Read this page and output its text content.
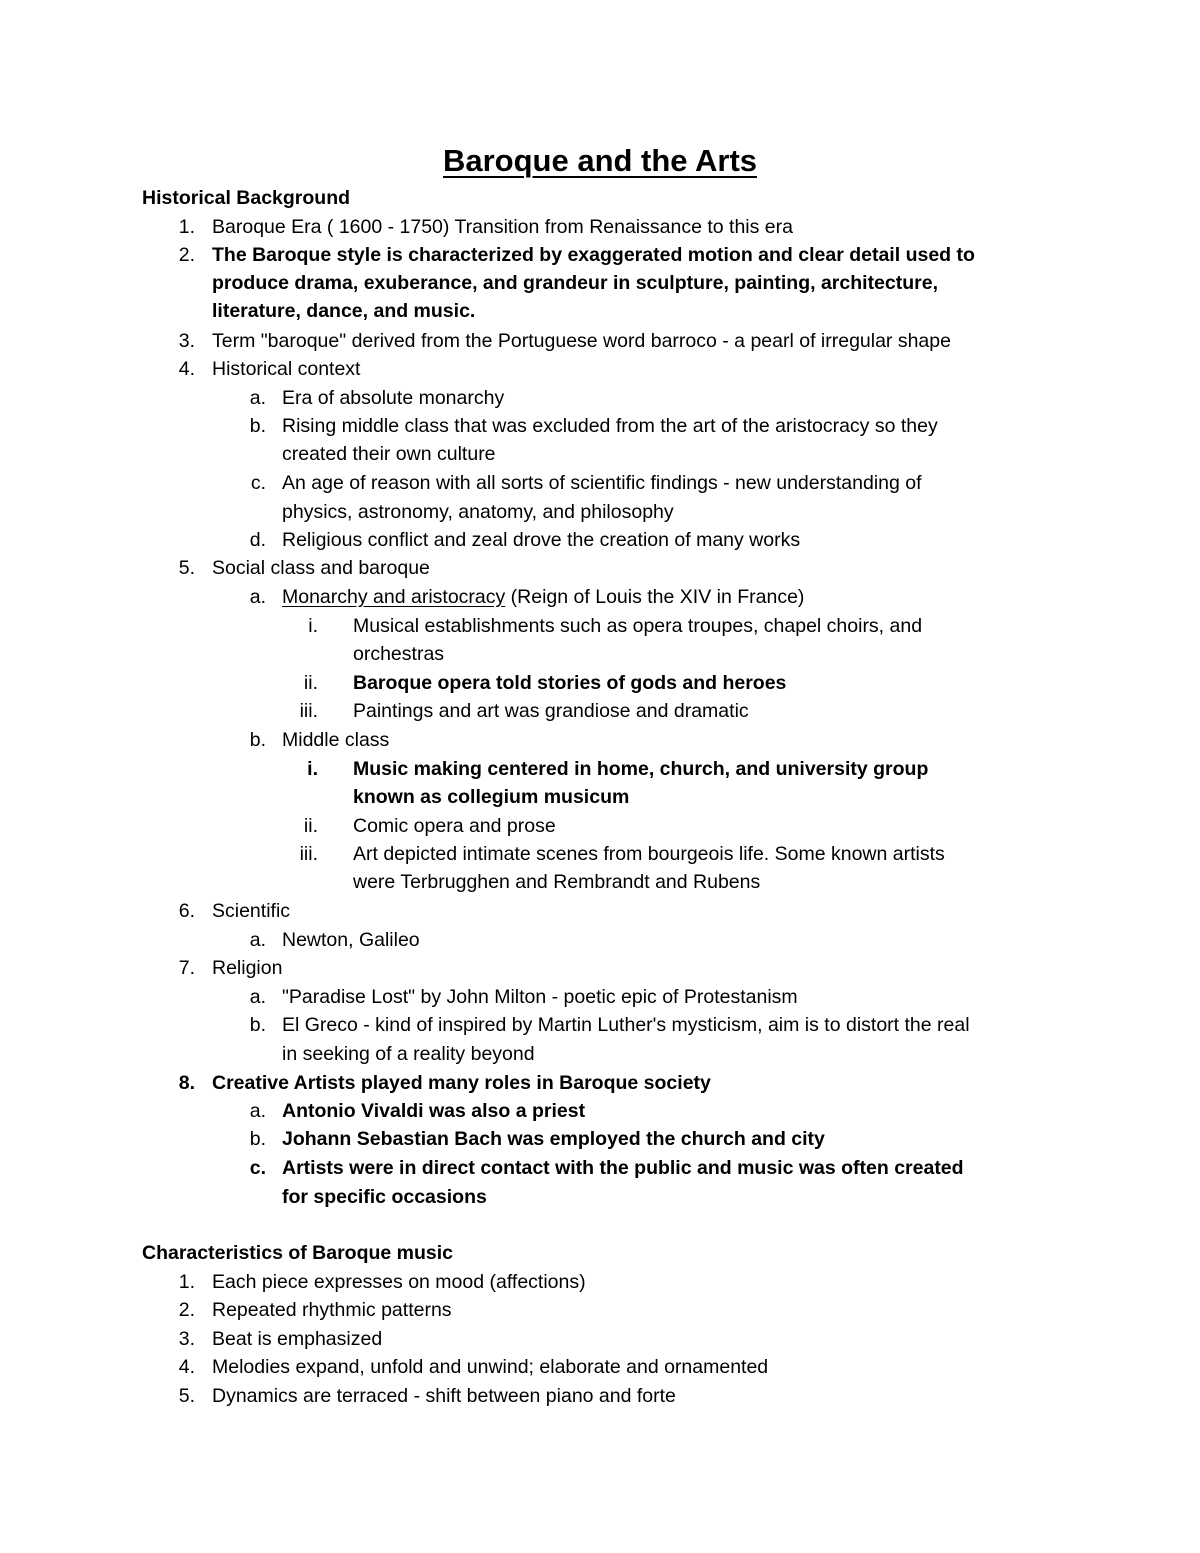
Baroque and the Arts
Historical Background
1. Baroque Era ( 1600 - 1750) Transition from Renaissance to this era
2. The Baroque style is characterized by exaggerated motion and clear detail used to
produce drama, exuberance, and grandeur in sculpture, painting, architecture,
literature, dance, and music.
3. Term "baroque" derived from the Portuguese word barroco - a pearl of irregular shape
4. Historical context
a. Era of absolute monarchy
b. Rising middle class that was excluded from the art of the aristocracy so they
created their own culture
c. An age of reason with all sorts of scientific findings - new understanding of
physics, astronomy, anatomy, and philosophy
d. Religious conflict and zeal drove the creation of many works
5. Social class and baroque
a. Monarchy and aristocracy (Reign of Louis the XIV in France)
i. Musical establishments such as opera troupes, chapel choirs, and
orchestras
ii. Baroque opera told stories of gods and heroes
iii. Paintings and art was grandiose and dramatic
b. Middle class
i. Music making centered in home, church, and university group
known as collegium musicum
ii. Comic opera and prose
iii. Art depicted intimate scenes from bourgeois life. Some known artists
were Terbrugghen and Rembrandt and Rubens
6. Scientific
a. Newton, Galileo
7. Religion
a. "Paradise Lost" by John Milton - poetic epic of Protestanism
b. El Greco - kind of inspired by Martin Luther's mysticism, aim is to distort the real
in seeking of a reality beyond
8. Creative Artists played many roles in Baroque society
a. Antonio Vivaldi was also a priest
b. Johann Sebastian Bach was employed the church and city
c. Artists were in direct contact with the public and music was often created
for specific occasions
Characteristics of Baroque music
1. Each piece expresses on mood (affections)
2. Repeated rhythmic patterns
3. Beat is emphasized
4. Melodies expand, unfold and unwind; elaborate and ornamented
5. Dynamics are terraced - shift between piano and forte
